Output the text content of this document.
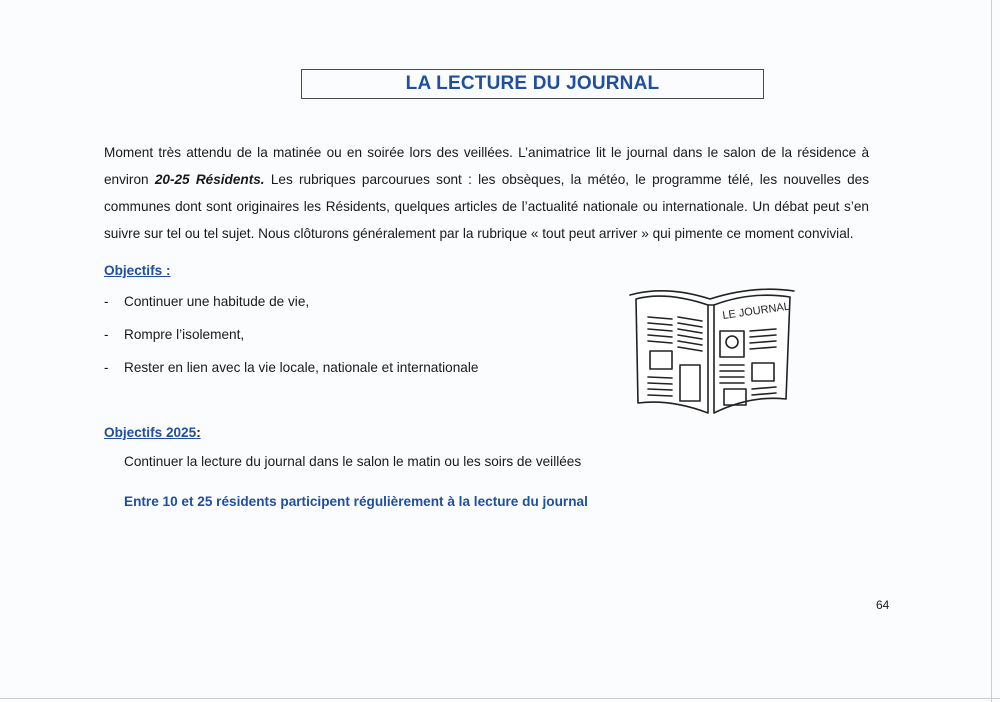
LA LECTURE DU JOURNAL
Moment très attendu de la matinée ou en soirée lors des veillées. L’animatrice lit le journal dans le salon de la résidence à environ 20-25 Résidents. Les rubriques parcourues sont : les obsèques, la météo, le programme télé, les nouvelles des communes dont sont originaires les Résidents, quelques articles de l’actualité nationale ou internationale. Un débat peut s’en suivre sur tel ou tel sujet. Nous clôturons généralement par la rubrique « tout peut arriver » qui pimente ce moment convivial.
Objectifs :
-	Continuer une habitude de vie,
-	Rompre l’isolement,
-	Rester en lien avec la vie locale, nationale et internationale
Objectifs 2025:
Continuer la lecture du journal dans le salon le matin ou les soirs de veillées
Entre 10 et 25 résidents participent régulièrement à la lecture du journal
64
LE JOURNAL
